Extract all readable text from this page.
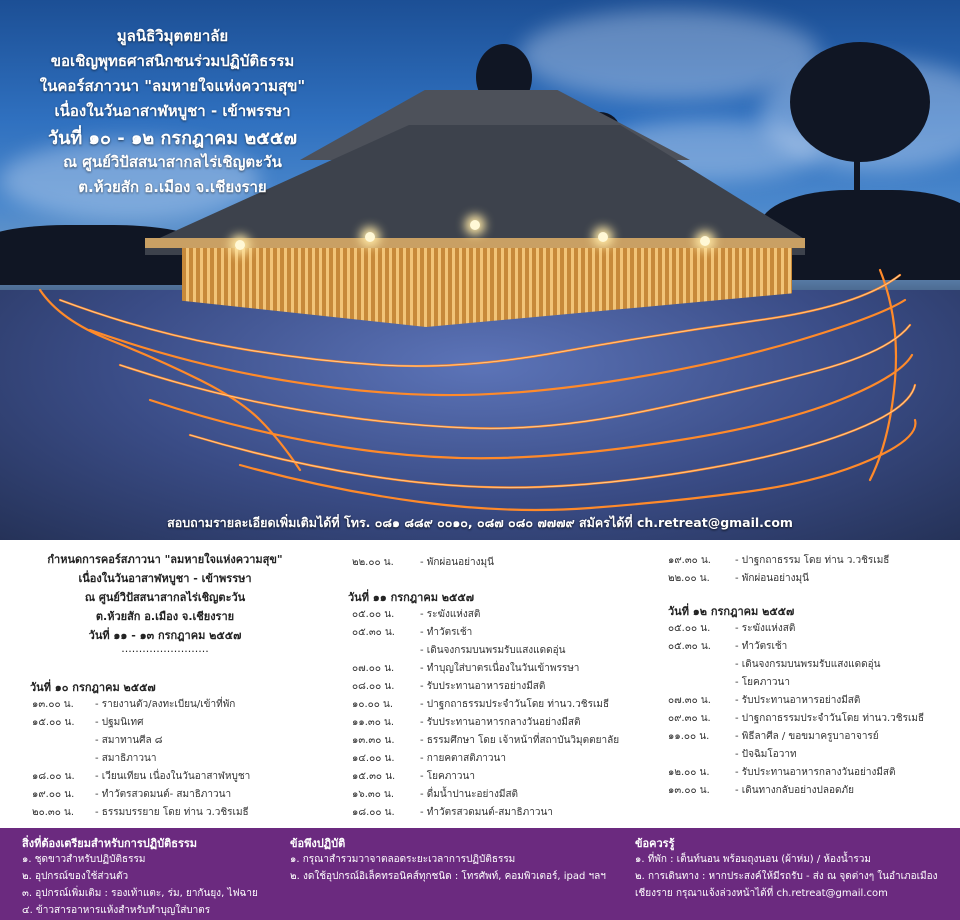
มูลนิธิวิมุตตยาลัย
ขอเชิญพุทธศาสนิกชนร่วมปฏิบัติธรรม
ในคอร์สภาวนา "ลมหายใจแห่งความสุข"
เนื่องในวันอาสาฬหบูชา - เข้าพรรษา
วันที่ ๑๐ - ๑๒ กรกฎาคม ๒๕๕๗
ณ ศูนย์วิปัสสนาสากลไร่เชิญตะวัน
ต.ห้วยสัก อ.เมือง จ.เชียงราย
สอบถามรายละเอียดเพิ่มเติมได้ที่ โทร. ๐๘๑ ๘๘๙ ๐๐๑๐, ๐๘๗ ๐๘๐ ๗๗๗๙ สมัครได้ที่ ch.retreat@gmail.com
กำหนดการคอร์สภาวนา "ลมหายใจแห่งความสุข"
เนื่องในวันอาสาฬหบูชา - เข้าพรรษา
ณ ศูนย์วิปัสสนาสากลไร่เชิญตะวัน
ต.ห้วยสัก อ.เมือง จ.เชียงราย
วันที่ ๑๑ - ๑๓ กรกฎาคม ๒๕๕๗
.........................
วันที่ ๑๐ กรกฎาคม ๒๕๕๗
๑๓.๐๐ น. - รายงานตัว/ลงทะเบียน/เข้าที่พัก
๑๕.๐๐ น. - ปฐมนิเทศ
- สมาทานศีล ๘
- สมาธิภาวนา
๑๘.๐๐ น. - เวียนเทียน เนื่องในวันอาสาฬหบูชา
๑๙.๐๐ น. - ทำวัตรสวดมนต์- สมาธิภาวนา
๒๐.๓๐ น. - ธรรมบรรยาย โดย ท่าน ว.วชิรเมธี
๒๒.๐๐ น.	- พักผ่อนอย่างมุนี
วันที่ ๑๑ กรกฎาคม ๒๕๕๗
๐๕.๐๐ น.	- ระฆังแห่งสติ
๐๕.๓๐ น.	- ทำวัตรเช้า
- เดินจงกรมบนพรมรับแสงแดดอุ่น
๐๗.๐๐ น.	- ทำบุญใส่บาตรเนื่องในวันเข้าพรรษา
๐๘.๐๐ น.	- รับประทานอาหารอย่างมีสติ
๑๐.๐๐ น.	- ปาฐกถาธรรมประจำวันโดย ท่านว.วชิรเมธี
๑๑.๓๐ น.	- รับประทานอาหารกลางวันอย่างมีสติ
๑๓.๓๐ น.	- ธรรมศึกษา โดย เจ้าหน้าที่สถาบันวิมุตตยาลัย
๑๔.๐๐ น.	- กายคตาสติภาวนา
๑๕.๓๐ น. - โยคภาวนา
๑๖.๓๐ น.	- ดื่มน้ำปานะอย่างมีสติ
๑๘.๐๐ น.	- ทำวัตรสวดมนต์-สมาธิภาวนา
๑๙.๓๐ น. - ปาฐกถาธรรม โดย ท่าน ว.วชิรเมธี
๒๒.๐๐ น.	- พักผ่อนอย่างมุนี
วันที่ ๑๒ กรกฎาคม ๒๕๕๗
๐๕.๐๐ น. - ระฆังแห่งสติ
๐๕.๓๐ น. - ทำวัตรเช้า
- เดินจงกรมบนพรมรับแสงแดดอุ่น
- โยคภาวนา
๐๗.๓๐ น. - รับประทานอาหารอย่างมีสติ
๐๙.๓๐ น. - ปาฐกถาธรรมประจำวันโดย ท่านว.วชิรเมธี
๑๑.๐๐ น.	- พิธีลาศีล / ขอขมาครูบาอาจารย์
- ปัจฉิมโอวาท
๑๒.๐๐ น.	- รับประทานอาหารกลางวันอย่างมีสติ
๑๓.๐๐ น.	- เดินทางกลับอย่างปลอดภัย
สิ่งที่ต้องเตรียมสำหรับการปฏิบัติธรรม
๑. ชุดขาวสำหรับปฏิบัติธรรม
๒. อุปกรณ์ของใช้ส่วนตัว
๓. อุปกรณ์เพิ่มเติม : รองเท้าแตะ, ร่ม, ยากันยุง, ไฟฉาย
๔. ข้าวสารอาหารแห้งสำหรับทำบุญใส่บาตร
ข้อพึงปฏิบัติ
๑. กรุณาสำรวมวาจาตลอดระยะเวลาการปฏิบัติธรรม
๒. งดใช้อุปกรณ์อิเล็คทรอนิคส์ทุกชนิด : โทรศัพท์, คอมพิวเตอร์, ipad ฯลฯ
ข้อควรรู้
๑. ที่พัก : เต็นท์นอน พร้อมถุงนอน (ผ้าห่ม) / ห้องน้ำรวม
๒. การเดินทาง : หากประสงค์ให้มีรถรับ - ส่ง ณ จุดต่างๆ ในอำเภอเมือง
เชียงราย กรุณาแจ้งล่วงหน้าได้ที่ ch.retreat@gmail.com
